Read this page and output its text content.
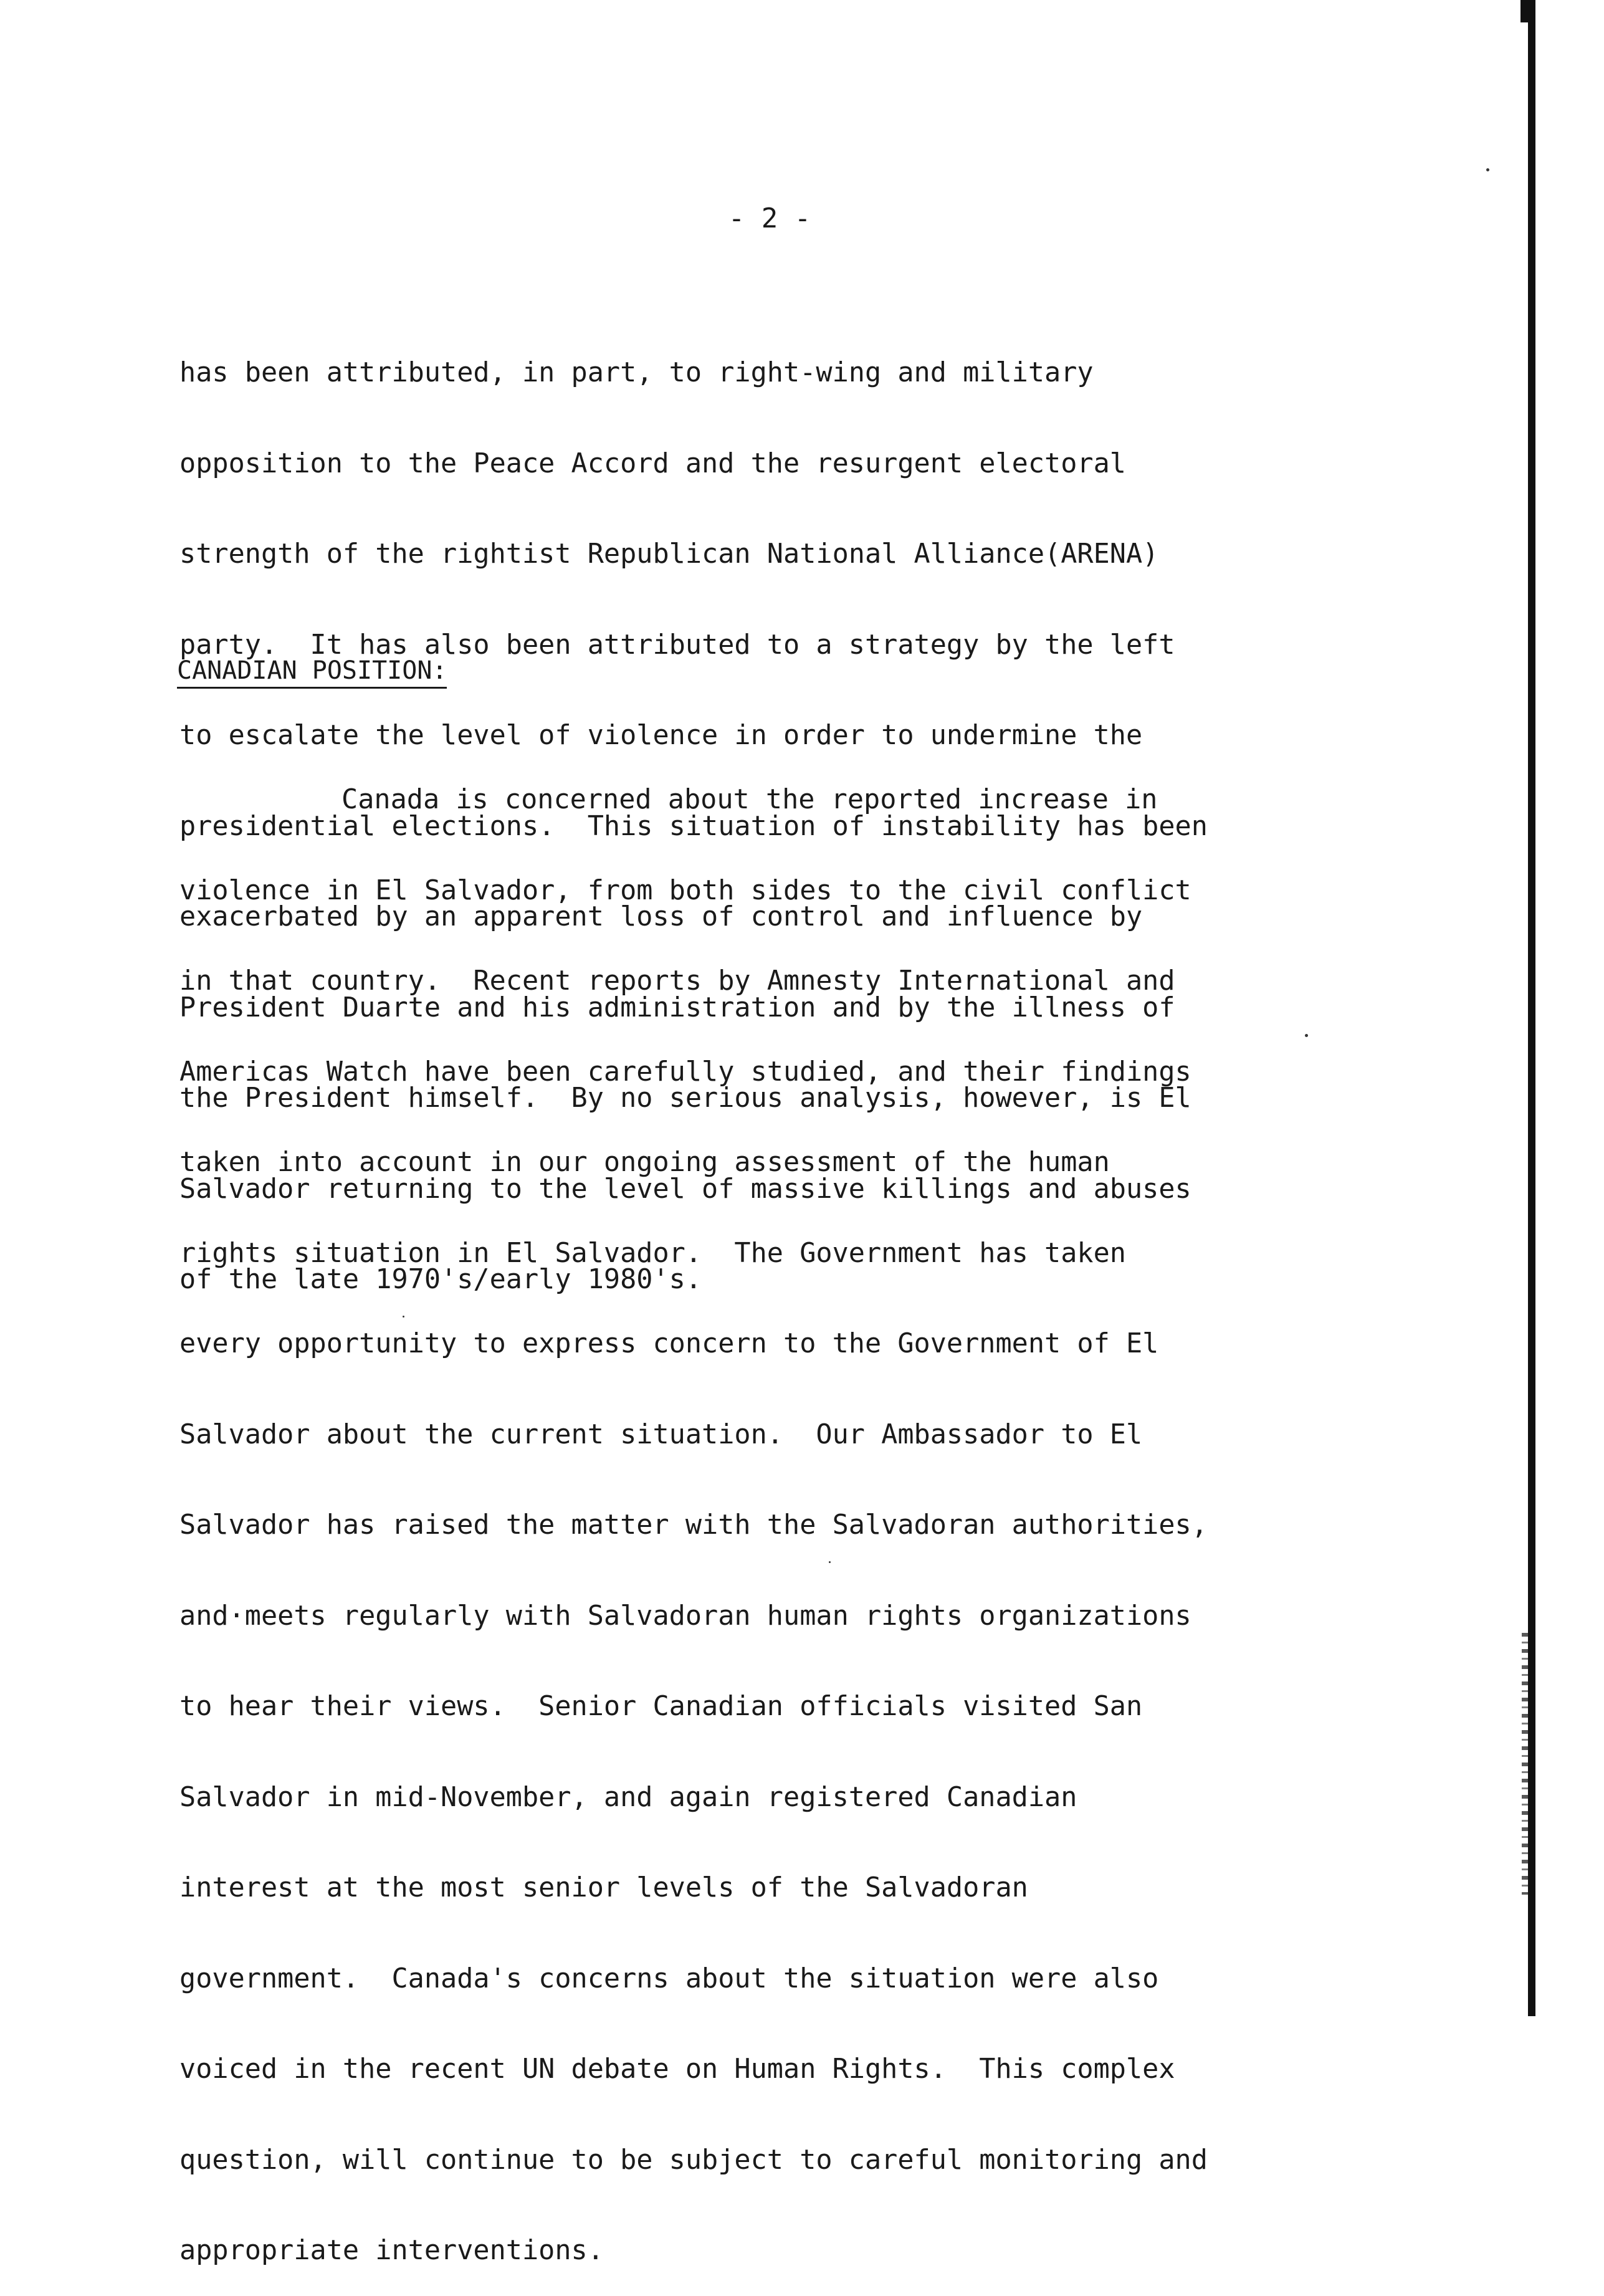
- 2 -

has been attributed, in part, to right-wing and military

opposition to the Peace Accord and the resurgent electoral

strength of the rightist Republican National Alliance(ARENA)

party.  It has also been attributed to a strategy by the left

to escalate the level of violence in order to undermine the

presidential elections.  This situation of instability has been

exacerbated by an apparent loss of control and influence by

President Duarte and his administration and by the illness of

the President himself.  By no serious analysis, however, is El

Salvador returning to the level of massive killings and abuses

of the late 1970's/early 1980's.

CANADIAN POSITION:

Canada is concerned about the reported increase in

violence in El Salvador, from both sides to the civil conflict

in that country.  Recent reports by Amnesty International and

Americas Watch have been carefully studied, and their findings

taken into account in our ongoing assessment of the human

rights situation in El Salvador.  The Government has taken

every opportunity to express concern to the Government of El

Salvador about the current situation.  Our Ambassador to El

Salvador has raised the matter with the Salvadoran authorities,

and·meets regularly with Salvadoran human rights organizations

to hear their views.  Senior Canadian officials visited San

Salvador in mid-November, and again registered Canadian

interest at the most senior levels of the Salvadoran

government.  Canada's concerns about the situation were also

voiced in the recent UN debate on Human Rights.  This complex

question, will continue to be subject to careful monitoring and

appropriate interventions.
